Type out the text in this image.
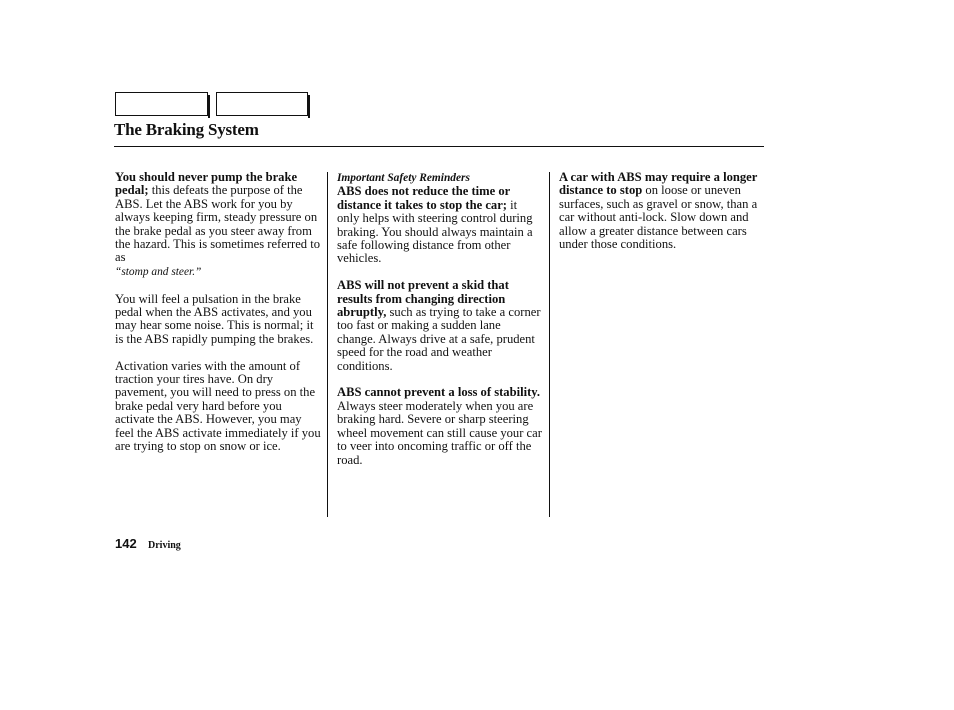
The Braking System

You should never pump the brake pedal; this defeats the purpose of the ABS. Let the ABS work for you by always keeping firm, steady pressure on the brake pedal as you steer away from the hazard. This is sometimes referred to as
“stomp and steer.”

You will feel a pulsation in the brake pedal when the ABS activates, and you may hear some noise. This is normal; it is the ABS rapidly pumping the brakes.

Activation varies with the amount of traction your tires have. On dry pavement, you will need to press on the brake pedal very hard before you activate the ABS. However, you may feel the ABS activate immediately if you are trying to stop on snow or ice.

Important Safety Reminders

ABS does not reduce the time or distance it takes to stop the car; it only helps with steering control during braking. You should always maintain a safe following distance from other vehicles.

ABS will not prevent a skid that results from changing direction abruptly, such as trying to take a corner too fast or making a sudden lane change. Always drive at a safe, prudent speed for the road and weather conditions.

ABS cannot prevent a loss of stability. Always steer moderately when you are braking hard. Severe or sharp steering wheel movement can still cause your car to veer into oncoming traffic or off the road.

A car with ABS may require a longer distance to stop on loose or uneven surfaces, such as gravel or snow, than a car without anti-lock. Slow down and allow a greater distance between cars under those conditions.

142 Driving
